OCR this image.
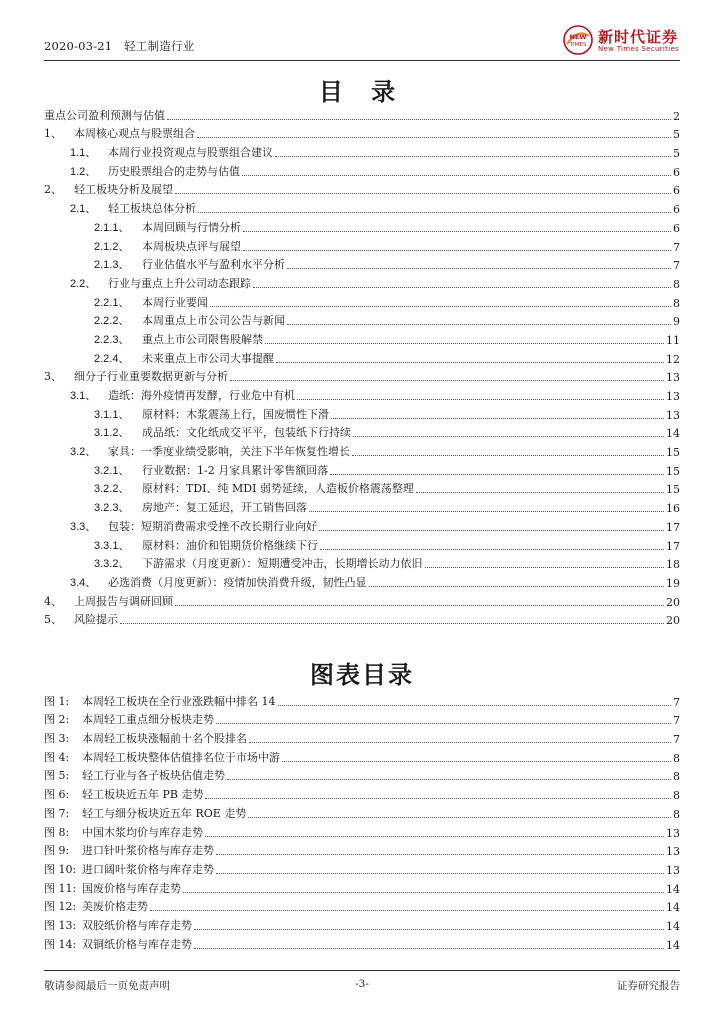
2020-03-21 轻工制造行业
NEW
TIMES 新时代证券
New Times Securities
目 录
重点公司盈利预测与估值	2
1、	本周核心观点与股票组合	5
1.1、	本周行业投资观点与股票组合建议	5
1.2、	历史股票组合的走势与估值	6
2、	轻工板块分析及展望	6
2.1、	轻工板块总体分析	6
2.1.1、	本周回顾与行情分析	6
2.1.2、	本周板块点评与展望	7
2.1.3、	行业估值水平与盈利水平分析	7
2.2、	行业与重点上升公司动态跟踪	8
2.2.1、	本周行业要闻	8
2.2.2、	本周重点上市公司公告与新闻	9
2.2.3、	重点上市公司限售股解禁	11
2.2.4、	未来重点上市公司大事提醒	12
3、	细分子行业重要数据更新与分析	13
3.1、	造纸：海外疫情再发酵，行业危中有机	13
3.1.1、	原材料：木浆震荡上行，国废惯性下滑	13
3.1.2、	成品纸：文化纸成交平平，包装纸下行持续	14
3.2、	家具：一季度业绩受影响，关注下半年恢复性增长	15
3.2.1、	行业数据：1-2 月家具累计零售额回落	15
3.2.2、	原材料：TDI、纯 MDI 弱势延续，人造板价格震荡整理	15
3.2.3、	房地产：复工延迟，开工销售回落	16
3.3、	包装：短期消费需求受挫不改长期行业向好	17
3.3.1、	原材料：油价和铝期货价格继续下行	17
3.3.2、	下游需求（月度更新）：短期遭受冲击，长期增长动力依旧	18
3.4、	必选消费（月度更新）：疫情加快消费升级，韧性凸显	19
4、	上周报告与调研回顾	20
5、	风险提示	20
图表目录
图 1:	本周轻工板块在全行业涨跌幅中排名 14	7
图 2:	本周轻工重点细分板块走势	7
图 3:	本周轻工板块涨幅前十名个股排名	7
图 4:	本周轻工板块整体估值排名位于市场中游	8
图 5:	轻工行业与各子板块估值走势	8
图 6:	轻工板块近五年 PB 走势	8
图 7:	轻工与细分板块近五年 ROE 走势	8
图 8:	中国木浆均价与库存走势	13
图 9:	进口针叶浆价格与库存走势	13
图 10: 进口阔叶浆价格与库存走势	13
图 11: 国废价格与库存走势	14
图 12: 美废价格走势	14
图 13: 双胶纸价格与库存走势	14
图 14: 双铜纸价格与库存走势	14
敬请参阅最后一页免责声明	-3-	证券研究报告
